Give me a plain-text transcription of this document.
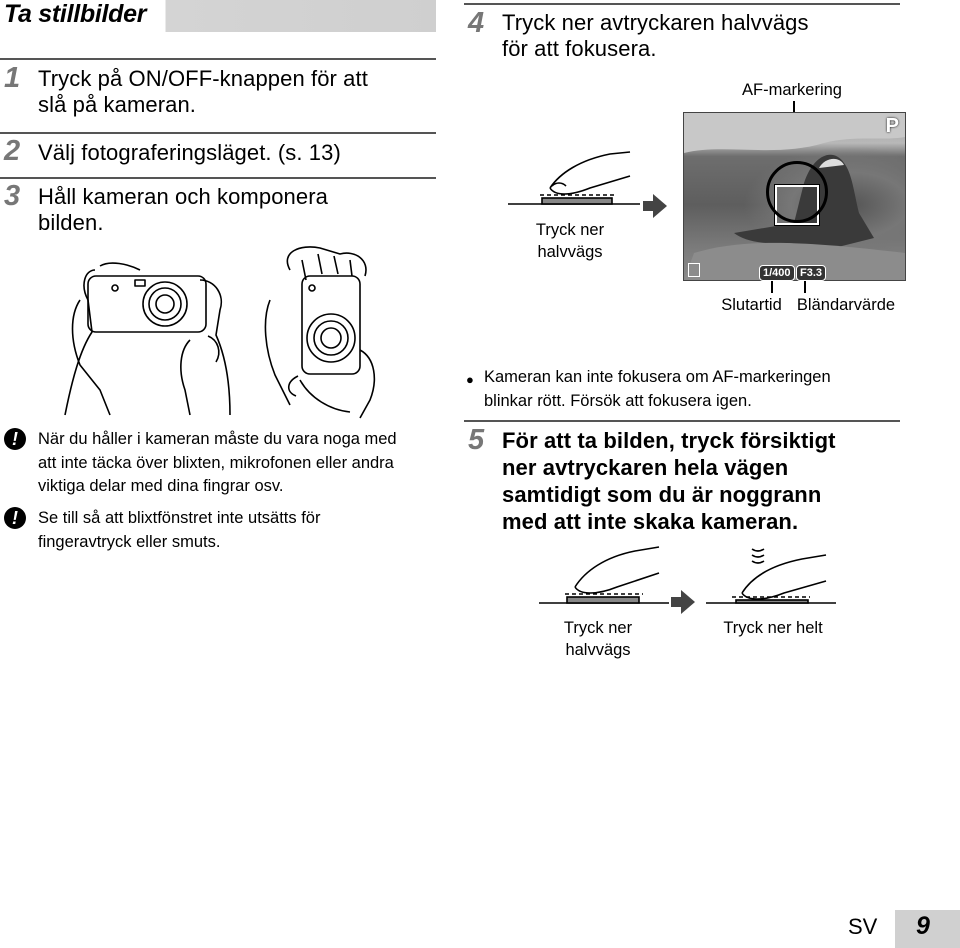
Ta stillbilder
1 Tryck på ON/OFF-knappen för att
slå på kameran.
2 Välj fotograferingsläget. (s. 13)
3 Håll kameran och komponera
bilden.
!	När du håller i kameran måste du vara noga med
att inte täcka över blixten, mikrofonen eller andra
viktiga delar med dina fingrar osv.
!	Se till så att blixtfönstret inte utsätts för
fingeravtryck eller smuts.
4 Tryck ner avtryckaren halvvägs
för att fokusera.
Tryck ner
halvvägs
AF-markering
P
1/400 F3.3
Slutartid Bländarvärde
● Kameran kan inte fokusera om AF-markeringen
blinkar rött. Försök att fokusera igen.
5 För att ta bilden, tryck försiktigt
ner avtryckaren hela vägen
samtidigt som du är noggrann
med att inte skaka kameran.
Tryck ner
halvvägs
Tryck ner helt
SV 9
